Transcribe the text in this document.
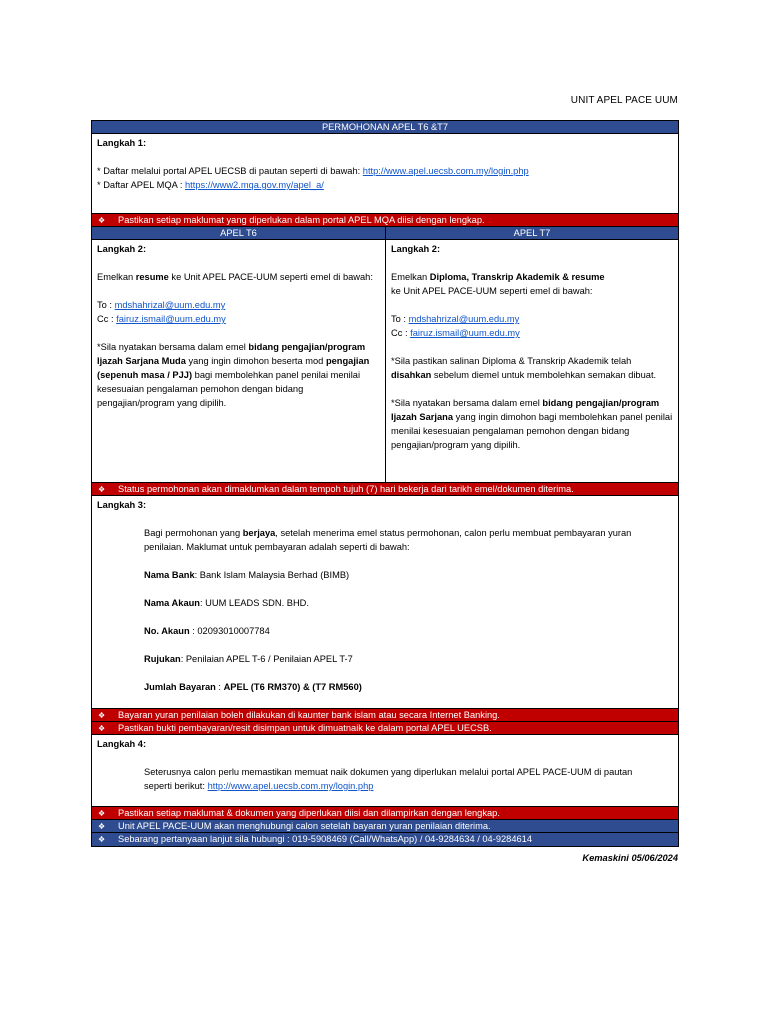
UNIT APEL PACE UUM
PERMOHONAN APEL T6 &T7
Langkah 1:
* Daftar melalui portal APEL UECSB di pautan seperti di bawah: http://www.apel.uecsb.com.my/login.php
* Daftar APEL MQA : https://www2.mqa.gov.my/apel_a/
❖ Pastikan setiap maklumat yang diperlukan dalam portal APEL MQA diisi dengan lengkap.
APEL T6	APEL T7
Langkah 2:
Emelkan resume ke Unit APEL PACE-UUM seperti emel di bawah:
To : mdshahrizal@uum.edu.my
Cc : fairuz.ismail@uum.edu.my
*Sila nyatakan bersama dalam emel bidang pengajian/program Ijazah Sarjana Muda yang ingin dimohon beserta mod pengajian (sepenuh masa / PJJ) bagi membolehkan panel penilai menilai kesesuaian pengalaman pemohon dengan bidang pengajian/program yang dipilih.
Langkah 2:
Emelkan Diploma, Transkrip Akademik & resume
ke Unit APEL PACE-UUM seperti emel di bawah:
To : mdshahrizal@uum.edu.my
Cc : fairuz.ismail@uum.edu.my
*Sila pastikan salinan Diploma & Transkrip Akademik telah disahkan sebelum diemel untuk membolehkan semakan dibuat.
*Sila nyatakan bersama dalam emel bidang pengajian/program Ijazah Sarjana yang ingin dimohon bagi membolehkan panel penilai menilai kesesuaian pengalaman pemohon dengan bidang pengajian/program yang dipilih.
❖ Status permohonan akan dimaklumkan dalam tempoh tujuh (7) hari bekerja dari tarikh emel/dokumen diterima.
Langkah 3:
Bagi permohonan yang berjaya, setelah menerima emel status permohonan, calon perlu membuat pembayaran yuran penilaian. Maklumat untuk pembayaran adalah seperti di bawah:
Nama Bank: Bank Islam Malaysia Berhad (BIMB)
Nama Akaun: UUM LEADS SDN. BHD.
No. Akaun : 02093010007784
Rujukan: Penilaian APEL T-6 / Penilaian APEL T-7
Jumlah Bayaran : APEL (T6 RM370) & (T7 RM560)
❖ Bayaran yuran penilaian boleh dilakukan di kaunter bank islam atau secara Internet Banking.
❖ Pastikan bukti pembayaran/resit disimpan untuk dimuatnaik ke dalam portal APEL UECSB.
Langkah 4:
Seterusnya calon perlu memastikan memuat naik dokumen yang diperlukan melalui portal APEL PACE-UUM di pautan seperti berikut: http://www.apel.uecsb.com.my/login.php
❖ Pastikan setiap maklumat & dokumen yang diperlukan diisi dan dilampirkan dengan lengkap.
❖ Unit APEL PACE-UUM akan menghubungi calon setelah bayaran yuran penilaian diterima.
❖ Sebarang pertanyaan lanjut sila hubungi : 019-5908469 (Call/WhatsApp) / 04-9284634 / 04-9284614
Kemaskini 05/06/2024
